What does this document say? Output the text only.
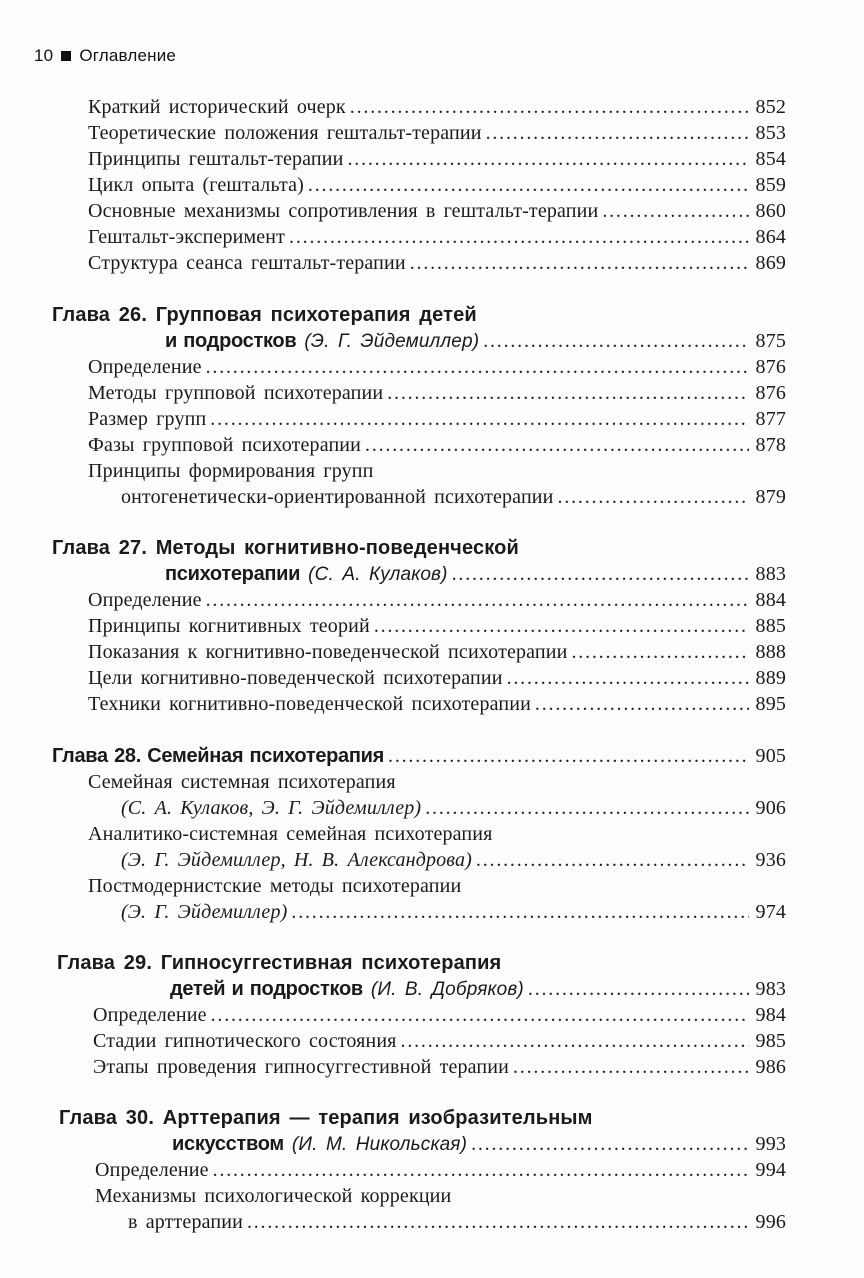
10 Оглавление
Краткий исторический очерк .....	852
Теоретические положения гештальт-терапии .....	853
Принципы гештальт-терапии .....	854
Цикл опыта (гештальта) .....	859
Основные механизмы сопротивления в гештальт-терапии .....	860
Гештальт-эксперимент .....	864
Структура сеанса гештальт-терапии .....	869
Глава 26. Групповая психотерапия детей
и подростков (Э. Г. Эйдемиллер) .....	875
Определение .....	876
Методы групповой психотерапии .....	876
Размер групп .....	877
Фазы групповой психотерапии .....	878
Принципы формирования групп
онтогенетически-ориентированной психотерапии .....	879
Глава 27. Методы когнитивно-поведенческой
психотерапии (С. А. Кулаков) .....	883
Определение .....	884
Принципы когнитивных теорий .....	885
Показания к когнитивно-поведенческой психотерапии .....	888
Цели когнитивно-поведенческой психотерапии .....	889
Техники когнитивно-поведенческой психотерапии .....	895
Глава 28. Семейная психотерапия .....	905
Семейная системная психотерапия
(С. А. Кулаков, Э. Г. Эйдемиллер) .....	906
Аналитико-системная семейная психотерапия
(Э. Г. Эйдемиллер, Н. В. Александрова) .....	936
Постмодернистские методы психотерапии
(Э. Г. Эйдемиллер) .....	974
Глава 29. Гипносуггестивная психотерапия
детей и подростков (И. В. Добряков) .....	983
Определение .....	984
Стадии гипнотического состояния .....	985
Этапы проведения гипносуггестивной терапии .....	986
Глава 30. Арттерапия — терапия изобразительным
искусством (И. М. Никольская) .....	993
Определение .....	994
Механизмы психологической коррекции
в арттерапии .....	996
